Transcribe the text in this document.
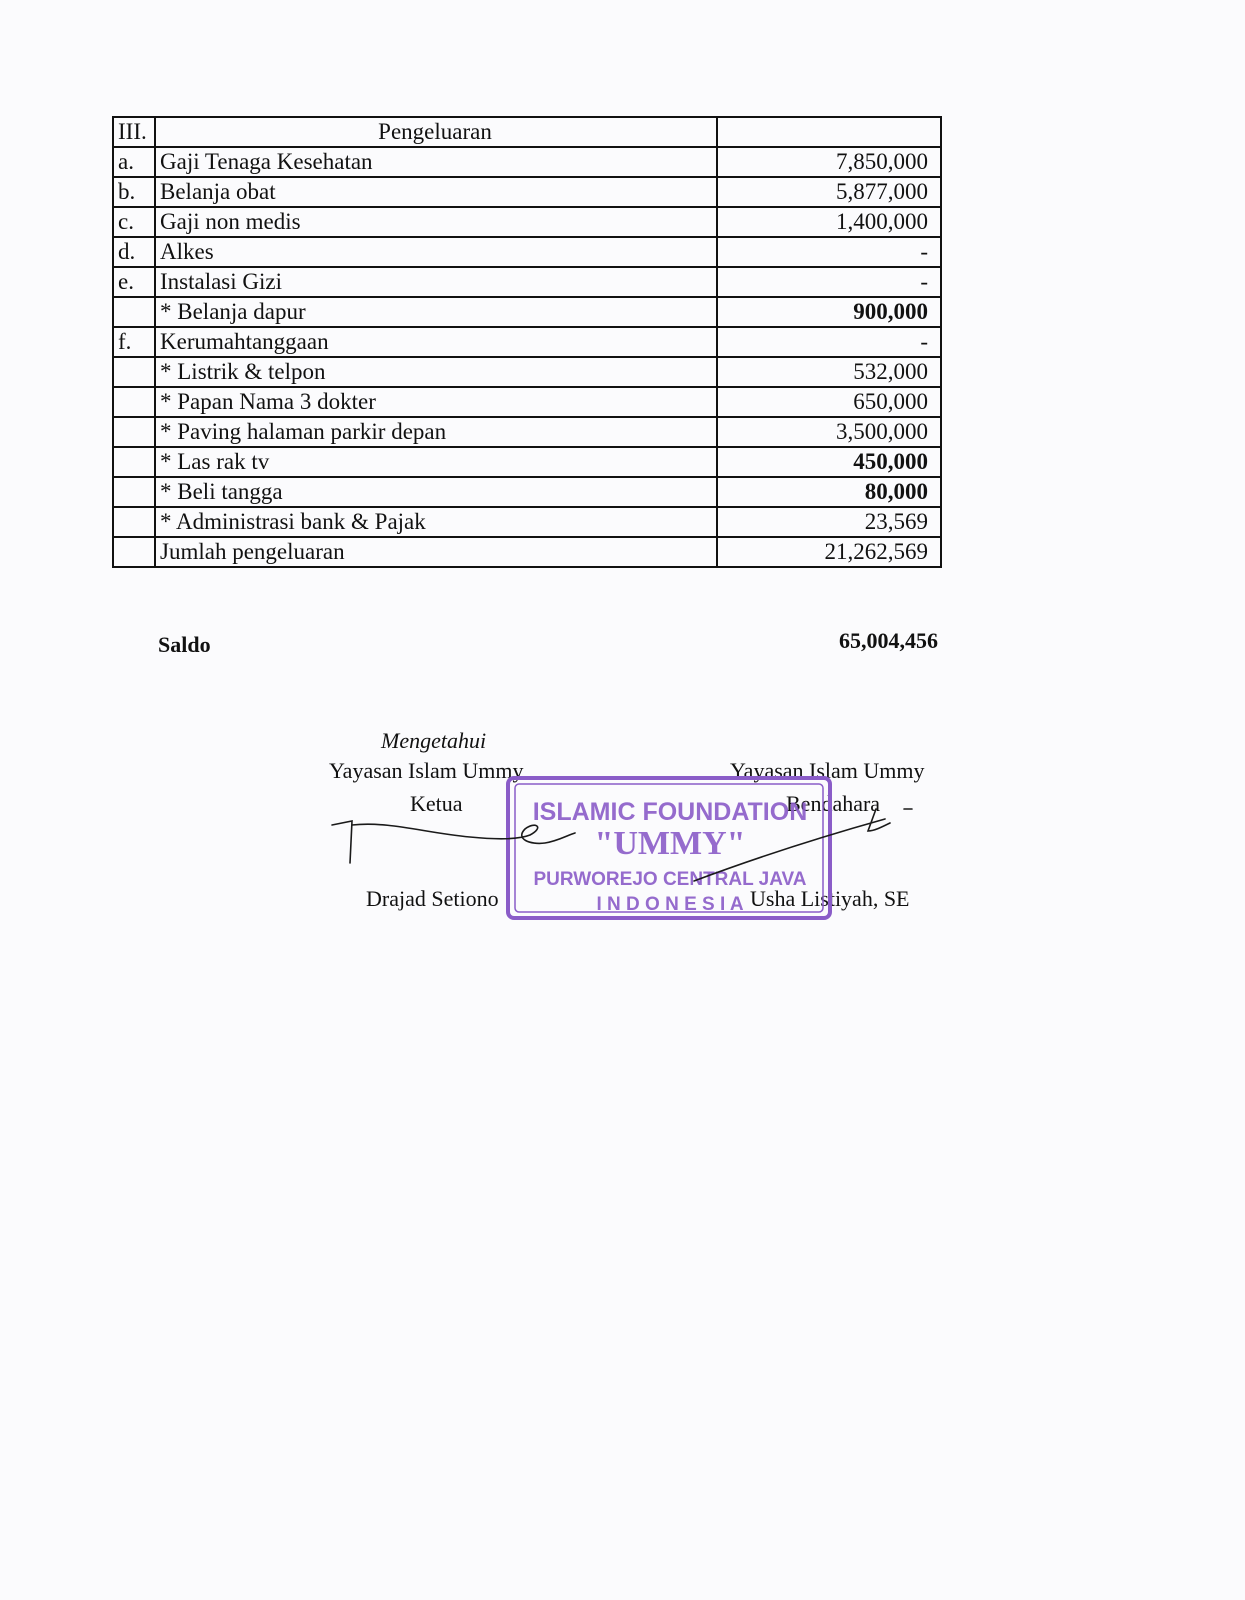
III.	Pengeluaran	
a.	Gaji Tenaga Kesehatan	7,850,000
b.	Belanja obat	5,877,000
c.	Gaji non medis	1,400,000
d.	Alkes	-
e.	Instalasi Gizi	-
	* Belanja dapur	900,000
f.	Kerumahtanggaan	-
	* Listrik & telpon	532,000
	* Papan Nama 3 dokter	650,000
	* Paving halaman parkir depan	3,500,000
	* Las rak tv	450,000
	* Beli tangga	80,000
	* Administrasi bank & Pajak	23,569
	Jumlah pengeluaran	21,262,569
Saldo	65,004,456
Mengetahui
Yayasan Islam Ummy
Ketua
Drajad Setiono
Yayasan Islam Ummy
Bendahara
Usha Listiyah, SE
ISLAMIC FOUNDATION
"UMMY"
PURWOREJO CENTRAL JAVA
I N D O N E S I A
